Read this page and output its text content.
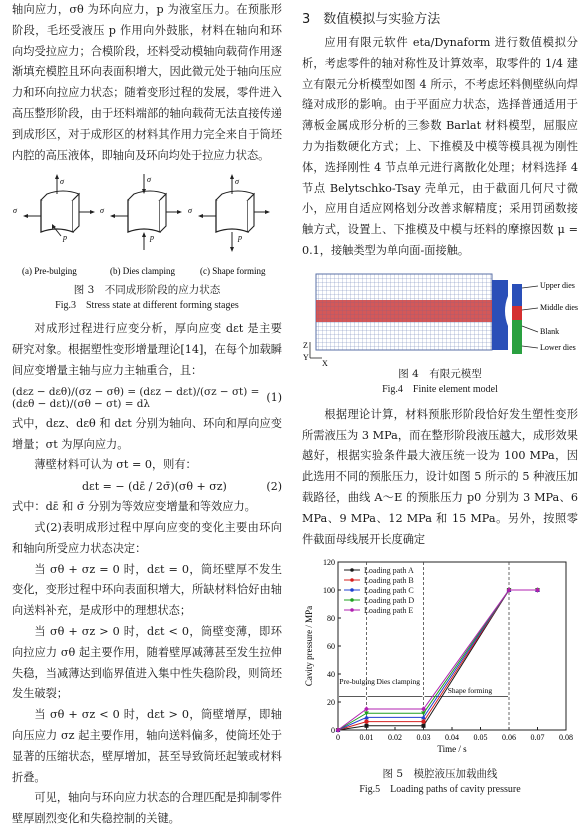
轴向应力，σθ 为环向应力，p 为液室压力。在预胀形阶段，毛坯受液压 p 作用向外鼓胀，材料在轴向和环向均受拉应力；合模阶段，坯料受动模轴向载荷作用逐渐填充模腔且环向表面积增大，因此微元处于轴向压应力和环向拉应力状态；随着变形过程的发展，零件进入高压整形阶段，由于坯料端部的轴向载荷无法直接传递到成形区，对于成形区的材料其作用力完全来自于筒坯内腔的高压液体，即轴向及环向均处于拉应力状态。

σ
σ
p
σ
σ
p
σ
σ
p
(a) Pre-bulging	(b) Dies clamping	(c) Shape forming
图 3　不同成形阶段的应力状态
Fig.3　Stress state at different forming stages

对成形过程进行应变分析，厚向应变 dεt 是主要研究对象。根据塑性变形增量理论[14]，在每个加载瞬间应变增量主轴与应力主轴重合，且：

(dεz − dεθ)/(σz − σθ) = (dεz − dεt)/(σz − σt) = (dεθ − dεt)/(σθ − σt) = dλ	(1)

式中，dεz、dεθ 和 dεt 分别为轴向、环向和厚向应变增量；σt 为厚向应力。

薄壁材料可认为 σt = 0，则有：

dεt = − (dε̄ / 2σ̄)(σθ + σz)	(2)

式中：dε̄ 和 σ̄ 分别为等效应变增量和等效应力。

式(2)表明成形过程中厚向应变的变化主要由环向和轴向所受应力状态决定：

当 σθ + σz = 0 时，dεt = 0，筒坯壁厚不发生变化，变形过程中环向表面积增大，所缺材料恰好由轴向送料补充，是成形中的理想状态；

当 σθ + σz > 0 时，dεt < 0，筒壁变薄，即环向拉应力 σθ 起主要作用，随着壁厚减薄甚至发生拉伸失稳，当减薄达到临界值进入集中性失稳阶段，则筒坯发生破裂；

当 σθ + σz < 0 时，dεt > 0，筒壁增厚，即轴向压应力 σz 起主要作用，轴向送料偏多，使筒坯处于显著的压缩状态，壁厚增加，甚至导致筒坯起皱或材料折叠。

可见，轴向与环向应力状态的合理匹配是抑制零件壁厚剧烈变化和失稳控制的关键。

3　数值模拟与实验方法

应用有限元软件 eta/Dynaform 进行数值模拟分析，考虑零件的轴对称性及计算效率，取零件的 1/4 建立有限元分析模型如图 4 所示，不考虑坯料侧壁纵向焊缝对成形的影响。由于平面应力状态，选择普通适用于薄板金属成形分析的三参数 Barlat 材料模型，屈服应力为指数硬化方式；上、下推模及中模等模具视为刚性体，选择刚性 4 节点单元进行离散化处理；材料选择 4 节点 Belytschko-Tsay 壳单元，由于截面几何尺寸微小，应用自适应网格划分改善求解精度；采用罚函数接触方式，设置上、下推模及中模与坯料的摩擦因数 μ = 0.1，接触类型为单向面-面接触。

Upper dies
Middle dies
Blank
Lower dies
Z
Y
X
图 4　有限元模型
Fig.4　Finite element model

根据理论计算，材料预胀形阶段恰好发生塑性变形所需液压为 3 MPa，而在整形阶段液压越大，成形效果越好，根据实验条件最大液压统一设为 100 MPa，因此选用不同的预胀压力，设计如图 5 所示的 5 种液压加载路径，曲线 A～E 的预胀压力 p0 分别为 3 MPa、6 MPa、9 MPa、12 MPa 和 15 MPa。另外，按照零件截面母线展开长度确定

0 0.01 0.02 0.03 0.04 0.05 0.06 0.07 0.08
0
20
40
60
80
100
120
Time / s
Cavity pressure / MPa	Pre-bulging Dies clamping
Shape forming
Loading path A
Loading path B
Loading path C
Loading path D
Loading path E
图 5　模腔液压加载曲线
Fig.5　Loading paths of cavity pressure
